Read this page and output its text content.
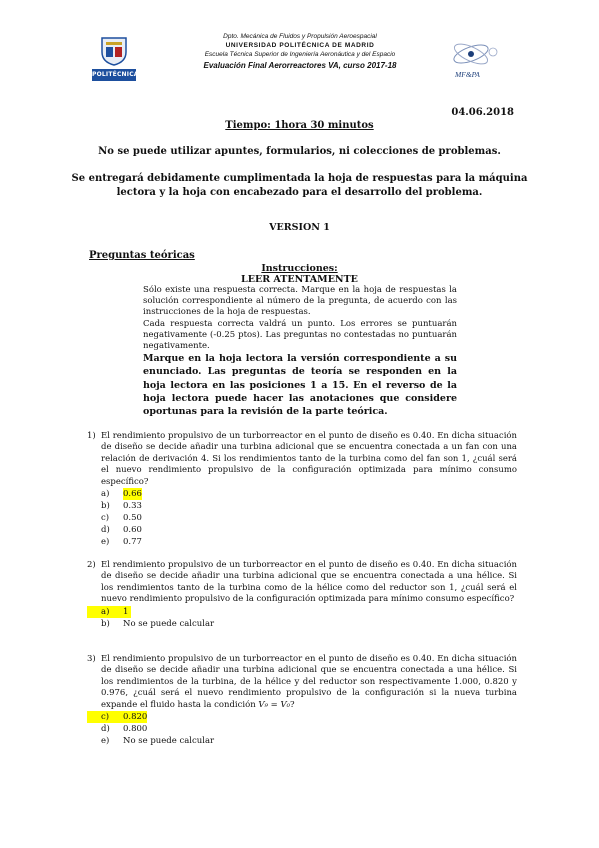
POLITÉCNICA
Dpto. Mecánica de Fluidos y Propulsión Aeroespacial
UNIVERSIDAD POLITÉCNICA DE MADRID
Escuela Técnica Superior de Ingeniería Aeronáutica y del Espacio
Evaluación Final Aerorreactores VA, curso 2017-18
MF&PA
04.06.2018
Tiempo: 1hora 30 minutos
No se puede utilizar apuntes, formularios, ni colecciones de problemas.
Se entregará debidamente cumplimentada la hoja de respuestas para la máquina
lectora y la hoja con encabezado para el desarrollo del problema.
VERSION 1
Preguntas teóricas
Instrucciones:
LEER ATENTAMENTE

Sólo existe una respuesta correcta. Marque en la hoja de respuestas la solución correspondiente al número de la pregunta, de acuerdo con las instrucciones de la hoja de respuestas.

Cada respuesta correcta valdrá un punto. Los errores se puntuarán negativamente (-0.25 ptos). Las preguntas no contestadas no puntuarán negativamente.

Marque en la hoja lectora la versión correspondiente a su enunciado. Las preguntas de teoría se responden en la hoja lectora en las posiciones 1 a 15. En el reverso de la hoja lectora puede hacer las anotaciones que considere oportunas para la revisión de la parte teórica.

1) El rendimiento propulsivo de un turborreactor en el punto de diseño es 0.40. En dicha situación de diseño se decide añadir una turbina adicional que se encuentra conectada a un fan con una relación de derivación 4. Si los rendimientos tanto de la turbina como del fan son 1, ¿cuál será el nuevo rendimiento propulsivo de la configuración optimizada para mínimo consumo específico?
a)	0.66
b)	0.33
c)	0.50
d)	0.60
e)	0.77
2) El rendimiento propulsivo de un turborreactor en el punto de diseño es 0.40. En dicha situación de diseño se decide añadir una turbina adicional que se encuentra conectada a una hélice. Si los rendimientos tanto de la turbina como de la hélice como del reductor son 1, ¿cuál será el nuevo rendimiento propulsivo de la configuración optimizada para mínimo consumo específico?
a)	1
b)	No se puede calcular
3) El rendimiento propulsivo de un turborreactor en el punto de diseño es 0.40. En dicha situación de diseño se decide añadir una turbina adicional que se encuentra conectada a una hélice. Si los rendimientos de la turbina, de la hélice y del reductor son respectivamente 1.000, 0.820 y 0.976, ¿cuál será el nuevo rendimiento propulsivo de la configuración si la nueva turbina expande el fluido hasta la condición V₉ = V₀?
c)	0.820
d)	0.800
e)	No se puede calcular
